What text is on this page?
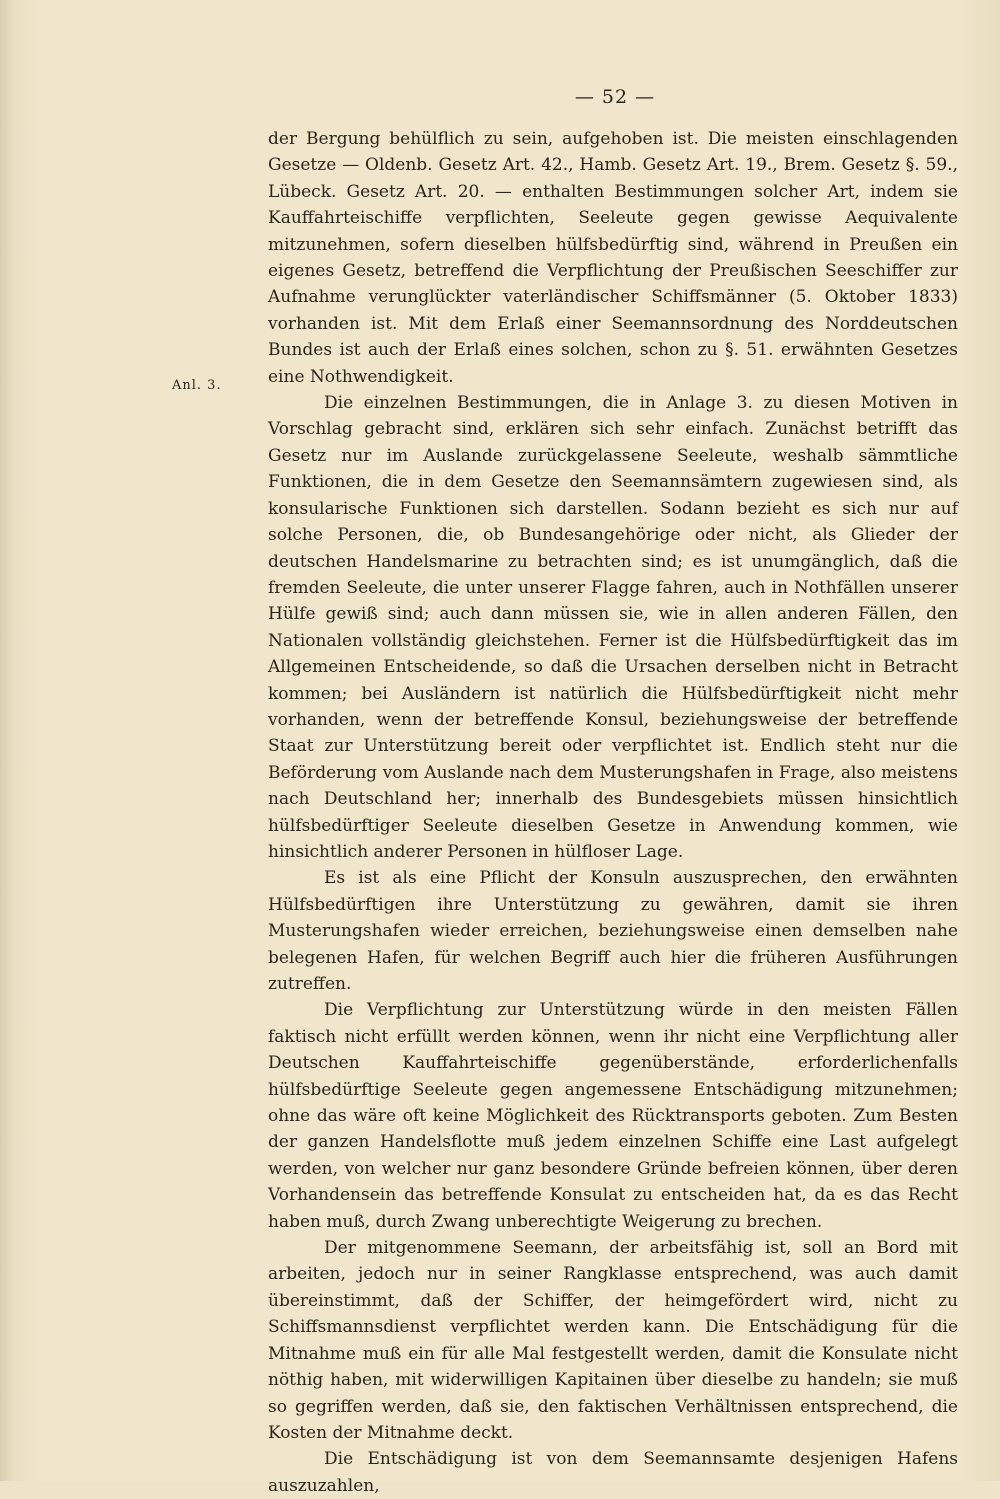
— 52 —
Anl. 3.

der Bergung behülflich zu sein, aufgehoben ist. Die meisten einschlagenden Gesetze — Oldenb. Gesetz Art. 42., Hamb. Gesetz Art. 19., Brem. Gesetz §. 59., Lübeck. Gesetz Art. 20. — enthalten Bestimmungen solcher Art, indem sie Kauffahrteischiffe verpflichten, Seeleute gegen gewisse Aequivalente mitzunehmen, sofern dieselben hülfsbedürftig sind, während in Preußen ein eigenes Gesetz, betreffend die Verpflichtung der Preußischen Seeschiffer zur Aufnahme verunglückter vaterländischer Schiffsmänner (5. Oktober 1833) vorhanden ist. Mit dem Erlaß einer Seemannsordnung des Norddeutschen Bundes ist auch der Erlaß eines solchen, schon zu §. 51. erwähnten Gesetzes eine Nothwendigkeit.

Die einzelnen Bestimmungen, die in Anlage 3. zu diesen Motiven in Vorschlag gebracht sind, erklären sich sehr einfach. Zunächst betrifft das Gesetz nur im Auslande zurückgelassene Seeleute, weshalb sämmtliche Funktionen, die in dem Gesetze den Seemannsämtern zugewiesen sind, als konsularische Funktionen sich darstellen. Sodann bezieht es sich nur auf solche Personen, die, ob Bundesangehörige oder nicht, als Glieder der deutschen Handelsmarine zu betrachten sind; es ist unumgänglich, daß die fremden Seeleute, die unter unserer Flagge fahren, auch in Nothfällen unserer Hülfe gewiß sind; auch dann müssen sie, wie in allen anderen Fällen, den Nationalen vollständig gleichstehen. Ferner ist die Hülfsbedürftigkeit das im Allgemeinen Entscheidende, so daß die Ursachen derselben nicht in Betracht kommen; bei Ausländern ist natürlich die Hülfsbedürftigkeit nicht mehr vorhanden, wenn der betreffende Konsul, beziehungsweise der betreffende Staat zur Unterstützung bereit oder verpflichtet ist. Endlich steht nur die Beförderung vom Auslande nach dem Musterungshafen in Frage, also meistens nach Deutschland her; innerhalb des Bundesgebiets müssen hinsichtlich hülfsbedürftiger Seeleute dieselben Gesetze in Anwendung kommen, wie hinsichtlich anderer Personen in hülfloser Lage.

Es ist als eine Pflicht der Konsuln auszusprechen, den erwähnten Hülfsbedürftigen ihre Unterstützung zu gewähren, damit sie ihren Musterungshafen wieder erreichen, beziehungsweise einen demselben nahe belegenen Hafen, für welchen Begriff auch hier die früheren Ausführungen zutreffen.

Die Verpflichtung zur Unterstützung würde in den meisten Fällen faktisch nicht erfüllt werden können, wenn ihr nicht eine Verpflichtung aller Deutschen Kauffahrteischiffe gegenüberstände, erforderlichenfalls hülfsbedürftige Seeleute gegen angemessene Entschädigung mitzunehmen; ohne das wäre oft keine Möglichkeit des Rücktransports geboten. Zum Besten der ganzen Handelsflotte muß jedem einzelnen Schiffe eine Last aufgelegt werden, von welcher nur ganz besondere Gründe befreien können, über deren Vorhandensein das betreffende Konsulat zu entscheiden hat, da es das Recht haben muß, durch Zwang unberechtigte Weigerung zu brechen.

Der mitgenommene Seemann, der arbeitsfähig ist, soll an Bord mit arbeiten, jedoch nur in seiner Rangklasse entsprechend, was auch damit übereinstimmt, daß der Schiffer, der heimgefördert wird, nicht zu Schiffsmannsdienst verpflichtet werden kann. Die Entschädigung für die Mitnahme muß ein für alle Mal festgestellt werden, damit die Konsulate nicht nöthig haben, mit widerwilligen Kapitainen über dieselbe zu handeln; sie muß so gegriffen werden, daß sie, den faktischen Verhältnissen entsprechend, die Kosten der Mitnahme deckt.

Die Entschädigung ist von dem Seemannsamte desjenigen Hafens auszuzahlen,
